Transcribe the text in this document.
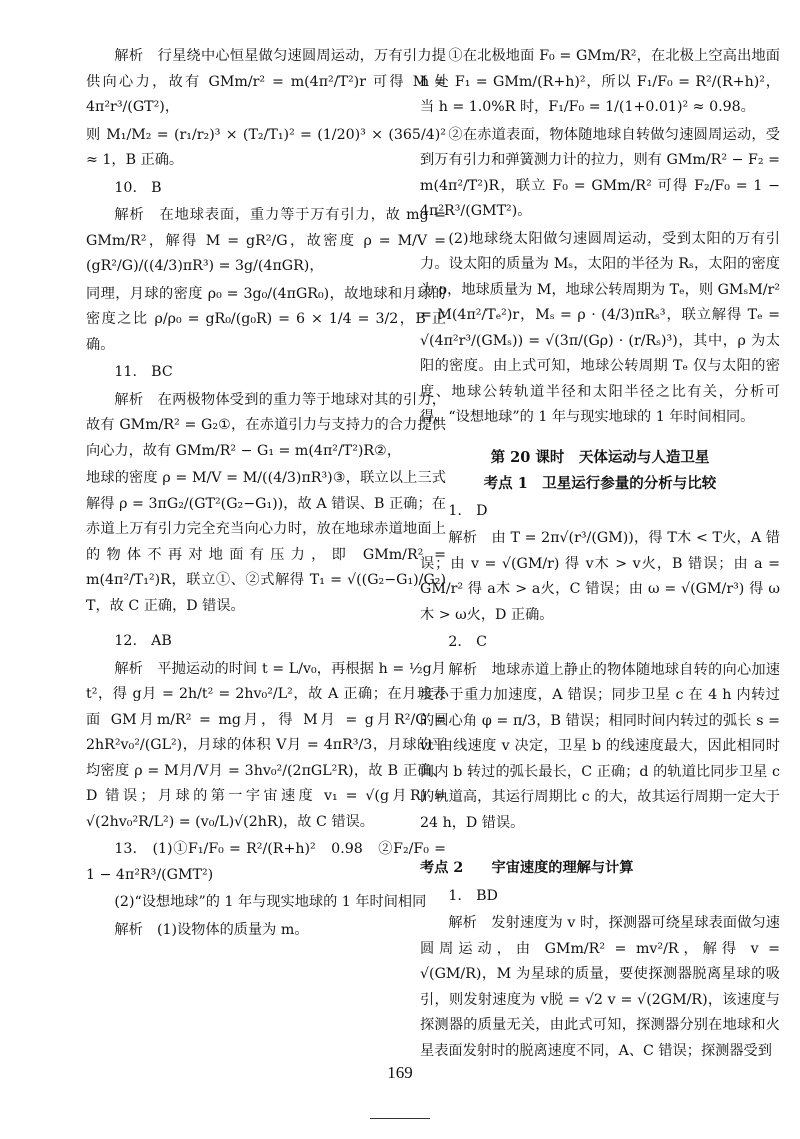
解析　行星绕中心恒星做匀速圆周运动，万有引力提供向心力，故有 GMm/r² = m(4π²/T²)r 可得 M = 4π²r³/(GT²)，

则 M₁/M₂ = (r₁/r₂)³ × (T₂/T₁)² = (1/20)³ × (365/4)² ≈ 1，B 正确。

10.　B

解析　在地球表面，重力等于万有引力，故 mg = GMm/R²，解得 M = gR²/G，故密度 ρ = M/V = (gR²/G)/((4/3)πR³) = 3g/(4πGR)，

同理，月球的密度 ρ₀ = 3g₀/(4πGR₀)，故地球和月球的密度之比 ρ/ρ₀ = gR₀/(g₀R) = 6 × 1/4 = 3/2，B 正确。

11.　BC

解析　在两极物体受到的重力等于地球对其的引力，故有 GMm/R² = G₂①，在赤道引力与支持力的合力提供向心力，故有 GMm/R² − G₁ = m(4π²/T²)R②，

地球的密度 ρ = M/V = M/((4/3)πR³)③，联立以上三式解得 ρ = 3πG₂/(GT²(G₂−G₁))，故 A 错误、B 正确；在赤道上万有引力完全充当向心力时，放在地球赤道地面上的物体不再对地面有压力，即 GMm/R² = m(4π²/T₁²)R，联立①、②式解得 T₁ = √((G₂−G₁)/G₂) T，故 C 正确，D 错误。

12.　AB

解析　平抛运动的时间 t = L/v₀，再根据 h = ½g月t²，得 g月 = 2h/t² = 2hv₀²/L²，故 A 正确；在月球表面 GM月m/R² = mg月，得 M月 = g月R²/G = 2hR²v₀²/(GL²)，月球的体积 V月 = 4πR³/3，月球的平均密度 ρ = M月/V月 = 3hv₀²/(2πGL²R)，故 B 正确、D 错误；月球的第一宇宙速度 v₁ = √(g月R) = √(2hv₀²R/L²) = (v₀/L)√(2hR)，故 C 错误。

13.　(1)①F₁/F₀ = R²/(R+h)²　0.98　②F₂/F₀ = 1 − 4π²R³/(GMT²)

(2)“设想地球”的 1 年与现实地球的 1 年时间相同

解析　(1)设物体的质量为 m。

①在北极地面 F₀ = GMm/R²，在北极上空高出地面 h 处 F₁ = GMm/(R+h)²，所以 F₁/F₀ = R²/(R+h)²，当 h = 1.0%R 时，F₁/F₀ = 1/(1+0.01)² ≈ 0.98。

②在赤道表面，物体随地球自转做匀速圆周运动，受到万有引力和弹簧测力计的拉力，则有 GMm/R² − F₂ = m(4π²/T²)R，联立 F₀ = GMm/R² 可得 F₂/F₀ = 1 − 4π²R³/(GMT²)。

(2)地球绕太阳做匀速圆周运动，受到太阳的万有引力。设太阳的质量为 Mₛ，太阳的半径为 Rₛ，太阳的密度为 ρ，地球质量为 M，地球公转周期为 Tₑ，则 GMₛM/r² = M(4π²/Tₑ²)r，Mₛ = ρ · (4/3)πRₛ³，联立解得 Tₑ = √(4π²r³/(GMₛ)) = √(3π/(Gρ) · (r/Rₛ)³)，其中，ρ 为太阳的密度。由上式可知，地球公转周期 Tₑ 仅与太阳的密度、地球公转轨道半径和太阳半径之比有关，分析可得，“设想地球”的 1 年与现实地球的 1 年时间相同。

第 20 课时　天体运动与人造卫星

考点 1　卫星运行参量的分析与比较

1.　D

解析　由 T = 2π√(r³/(GM))，得 T木 < T火，A 错误；由 v = √(GM/r) 得 v木 > v火，B 错误；由 a = GM/r² 得 a木 > a火，C 错误；由 ω = √(GM/r³) 得 ω木 > ω火，D 正确。

2.　C

解析　地球赤道上静止的物体随地球自转的向心加速度小于重力加速度，A 错误；同步卫星 c 在 4 h 内转过的圆心角 φ = π/3，B 错误；相同时间内转过的弧长 s = vt 由线速度 v 决定，卫星 b 的线速度最大，因此相同时间内 b 转过的弧长最长，C 正确；d 的轨道比同步卫星 c 的轨道高，其运行周期比 c 的大，故其运行周期一定大于 24 h，D 错误。

考点 2　　宇宙速度的理解与计算

1.　BD

解析　发射速度为 v 时，探测器可绕星球表面做匀速圆周运动，由 GMm/R² = mv²/R，解得 v = √(GM/R)，M 为星球的质量，要使探测器脱离星球的吸引，则发射速度为 v脱 = √2 v = √(2GM/R)，该速度与探测器的质量无关，由此式可知，探测器分别在地球和火星表面发射时的脱离速度不同，A、C 错误；探测器受到

169
